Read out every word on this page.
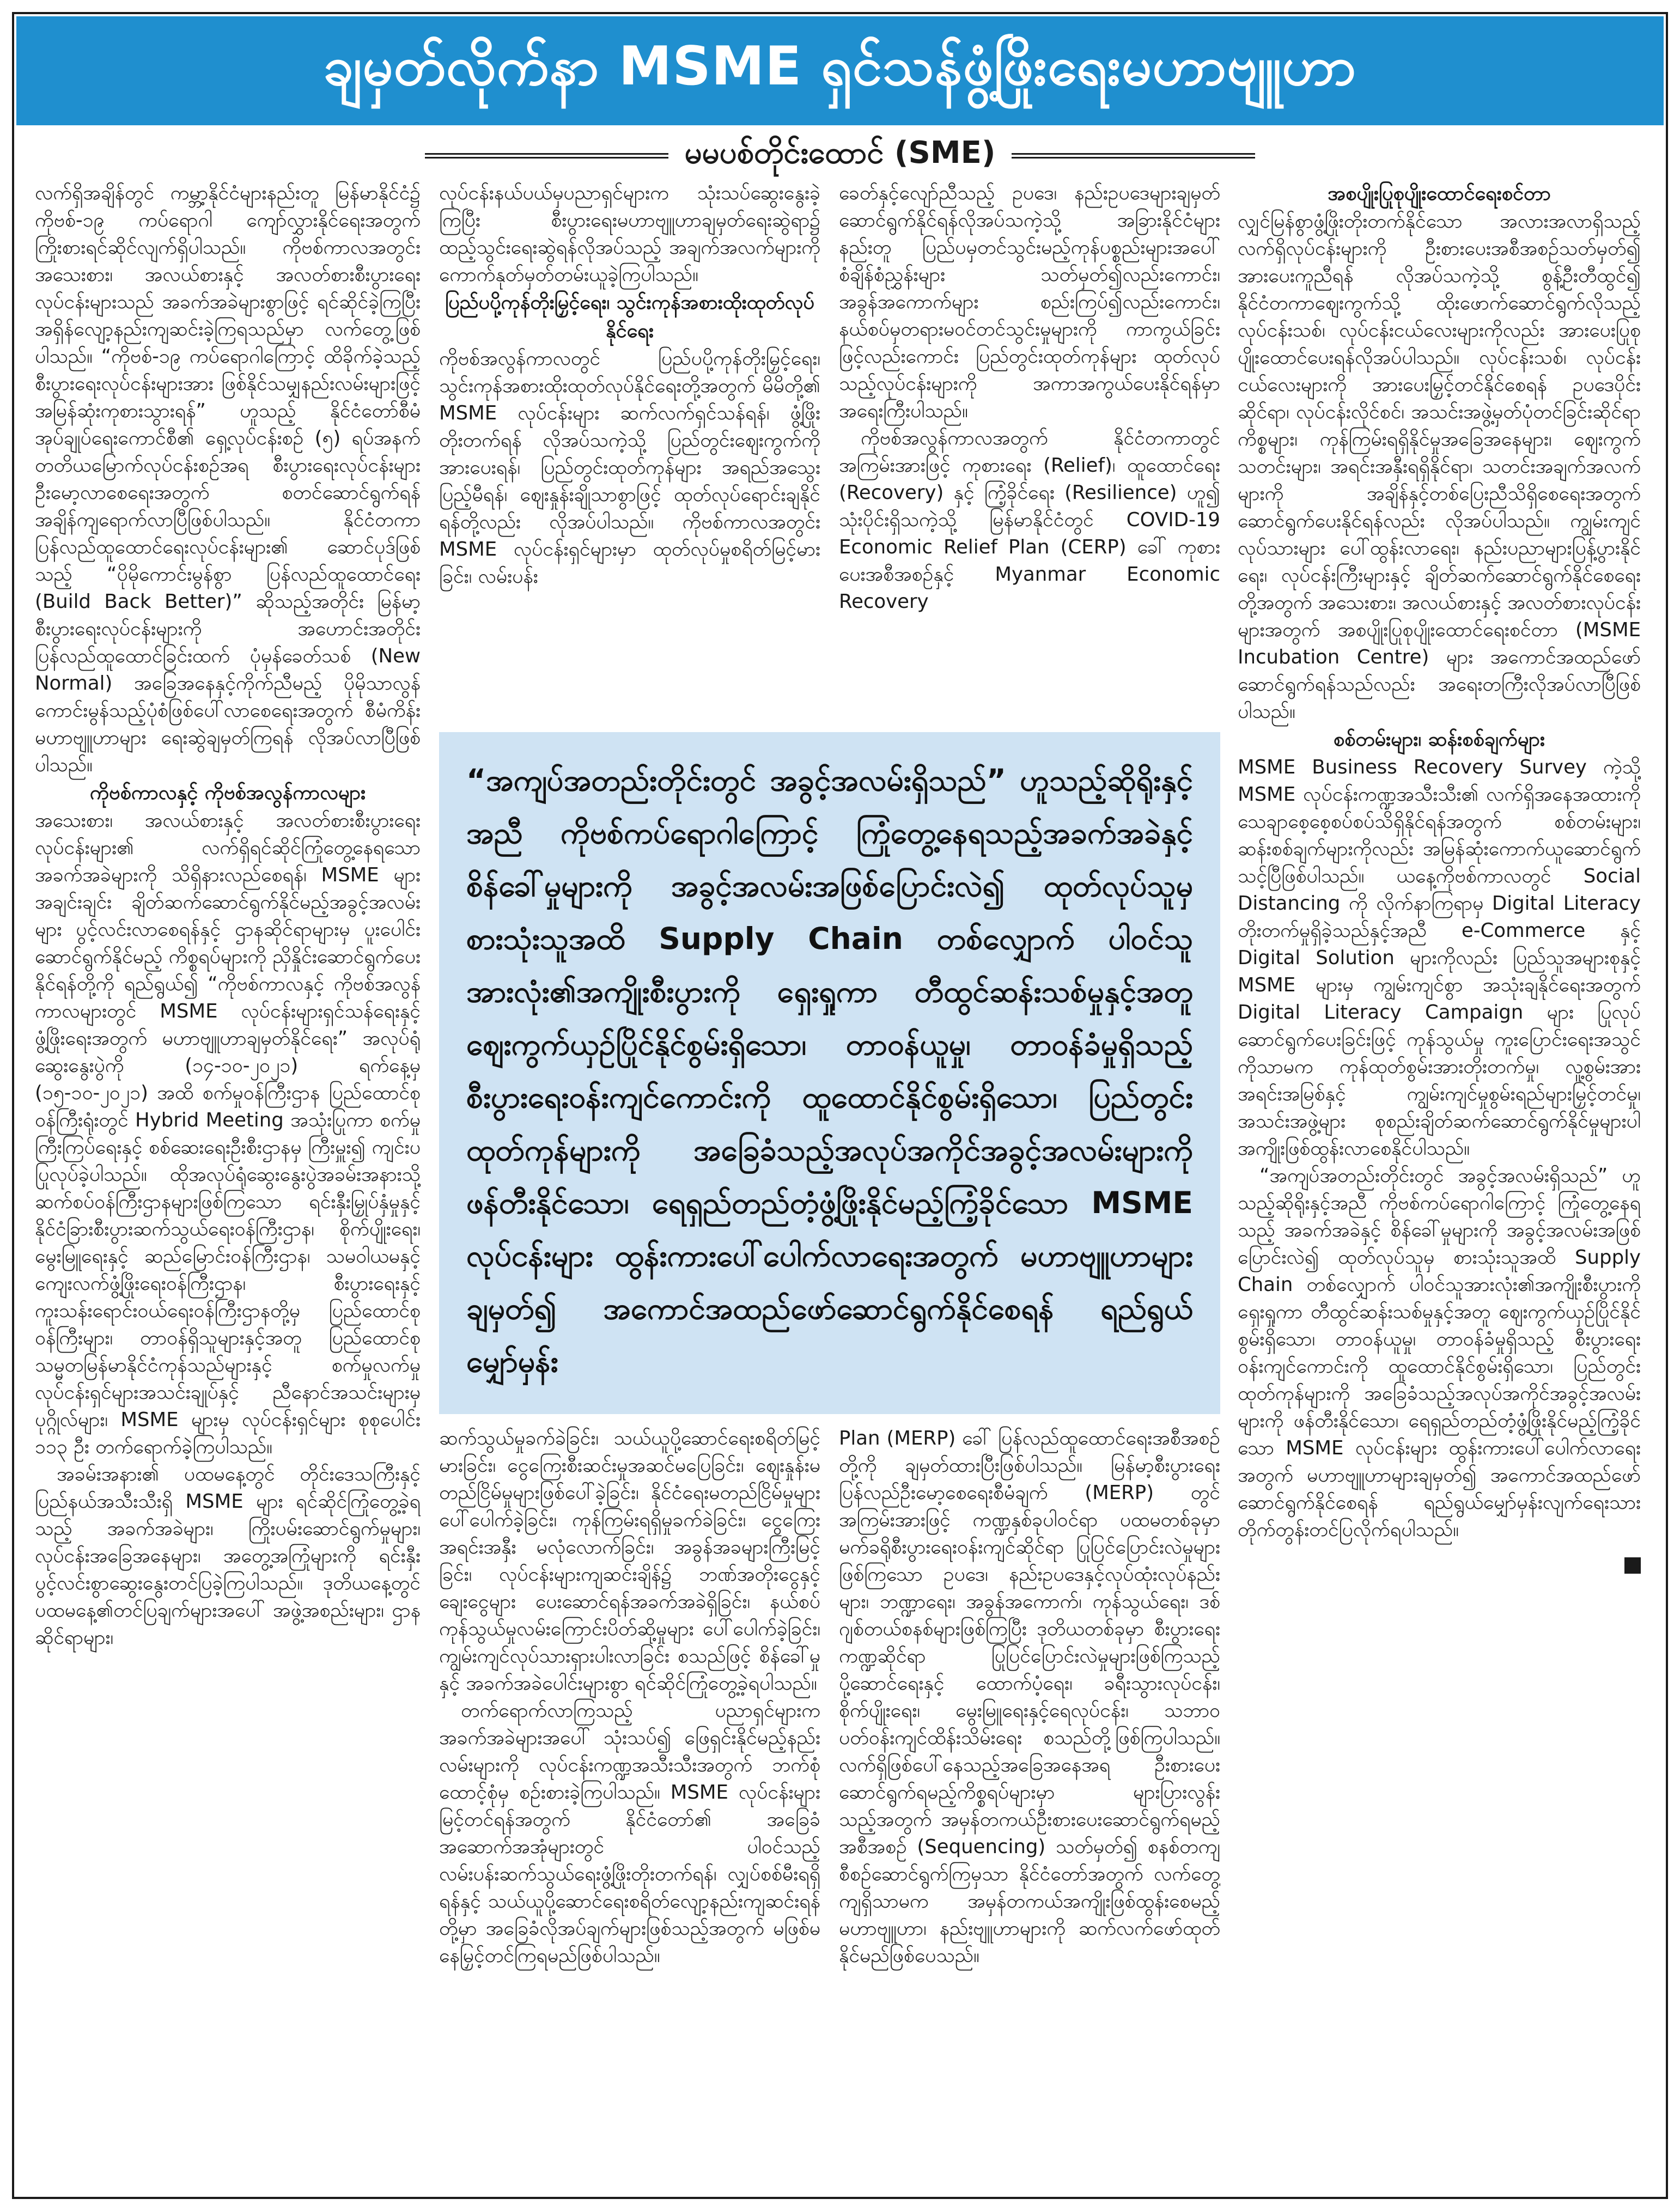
ချမှတ်လိုက်နာ MSME ရှင်သန်ဖွံ့ဖြိုးရေးမဟာဗျူဟာ
မမပစ်တိုင်းထောင် (SME)

လက်ရှိအချိန်တွင် ကမ္ဘာ့နိုင်ငံများနည်းတူ မြန်မာနိုင်ငံ၌ ကိုဗစ်-၁၉ ကပ်ရောဂါ ကျော်လွှားနိုင်ရေးအတွက် ကြိုးစားရင်ဆိုင်လျက်ရှိပါသည်။ ကိုဗစ်ကာလအတွင်း အသေးစား၊ အလယ်စားနှင့် အလတ်စားစီးပွားရေးလုပ်ငန်းများသည် အခက်အခဲများစွာဖြင့် ရင်ဆိုင်ခဲ့ကြပြီး အရှိန်လျော့နည်းကျဆင်းခဲ့ကြရသည်မှာ လက်တွေ့ဖြစ်ပါသည်။ “ကိုဗစ်-၁၉ ကပ်ရောဂါကြောင့် ထိခိုက်ခဲ့သည့်စီးပွားရေးလုပ်ငန်းများအား ဖြစ်နိုင်သမျှနည်းလမ်းများဖြင့် အမြန်ဆုံးကုစားသွားရန်” ဟူသည့် နိုင်ငံတော်စီမံအုပ်ချုပ်ရေးကောင်စီ၏ ရှေ့လုပ်ငန်းစဉ် (၅) ရပ်အနက် တတိယမြောက်လုပ်ငန်းစဉ်အရ စီးပွားရေးလုပ်ငန်းများ ဦးမော့လာစေရေးအတွက် စတင်ဆောင်ရွက်ရန် အချိန်ကျရောက်လာပြီဖြစ်ပါသည်။ နိုင်ငံတကာပြန်လည်ထူထောင်ရေးလုပ်ငန်းများ၏ ဆောင်ပုဒ်ဖြစ်သည့် “ပိုမိုကောင်းမွန်စွာ ပြန်လည်ထူထောင်ရေး (Build Back Better)” ဆိုသည့်အတိုင်း မြန်မာ့စီးပွားရေးလုပ်ငန်းများကို အဟောင်းအတိုင်း ပြန်လည်ထူထောင်ခြင်းထက် ပုံမှန်ခေတ်သစ် (New Normal) အခြေအနေနှင့်ကိုက်ညီမည့် ပိုမိုသာလွန်ကောင်းမွန်သည့်ပုံစံဖြစ်ပေါ်လာစေရေးအတွက် စီမံကိန်းမဟာဗျူဟာများ ရေးဆွဲချမှတ်ကြရန် လိုအပ်လာပြီဖြစ်ပါသည်။

ကိုဗစ်ကာလနှင့် ကိုဗစ်အလွန်ကာလများ

အသေးစား၊ အလယ်စားနှင့် အလတ်စားစီးပွားရေးလုပ်ငန်းများ၏ လက်ရှိရင်ဆိုင်ကြုံတွေ့နေရသောအခက်အခဲများကို သိရှိနားလည်စေရန်၊ MSME များအချင်းချင်း ချိတ်ဆက်ဆောင်ရွက်နိုင်မည့်အခွင့်အလမ်းများ ပွင့်လင်းလာစေရန်နှင့် ဌာနဆိုင်ရာများမှ ပူးပေါင်းဆောင်ရွက်နိုင်မည့် ကိစ္စရပ်များကို ညှိနှိုင်းဆောင်ရွက်ပေးနိုင်ရန်တို့ကို ရည်ရွယ်၍ “ကိုဗစ်ကာလနှင့် ကိုဗစ်အလွန်ကာလများတွင် MSME လုပ်ငန်းများရှင်သန်ရေးနှင့် ဖွံ့ဖြိုးရေးအတွက် မဟာဗျူဟာချမှတ်နိုင်ရေး” အလုပ်ရုံဆွေးနွေးပွဲကို (၁၄-၁၀-၂၀၂၁) ရက်နေ့မှ (၁၅-၁၀-၂၀၂၁) အထိ စက်မှုဝန်ကြီးဌာန ပြည်ထောင်စုဝန်ကြီးရုံးတွင် Hybrid Meeting အသုံးပြုကာ စက်မှုကြီးကြပ်ရေးနှင့် စစ်ဆေးရေးဦးစီးဌာနမှ ကြီးမှူး၍ ကျင်းပပြုလုပ်ခဲ့ပါသည်။ ထိုအလုပ်ရုံဆွေးနွေးပွဲအခမ်းအနားသို့ ဆက်စပ်ဝန်ကြီးဌာနများဖြစ်ကြသော ရင်းနှီးမြှုပ်နှံမှုနှင့် နိုင်ငံခြားစီးပွားဆက်သွယ်ရေးဝန်ကြီးဌာန၊ စိုက်ပျိုးရေး၊ မွေးမြူရေးနှင့် ဆည်မြောင်းဝန်ကြီးဌာန၊ သမဝါယမနှင့် ကျေးလက်ဖွံ့ဖြိုးရေးဝန်ကြီးဌာန၊ စီးပွားရေးနှင့် ကူးသန်းရောင်းဝယ်ရေးဝန်ကြီးဌာနတို့မှ ပြည်ထောင်စုဝန်ကြီးများ၊ တာဝန်ရှိသူများနှင့်အတူ ပြည်ထောင်စုသမ္မတမြန်မာနိုင်ငံကုန်သည်များနှင့် စက်မှုလက်မှုလုပ်ငန်းရှင်များအသင်းချုပ်နှင့် ညီနောင်အသင်းများမှ ပုဂ္ဂိုလ်များ၊ MSME များမှ လုပ်ငန်းရှင်များ စုစုပေါင်း ၁၁၃ ဦး တက်ရောက်ခဲ့ကြပါသည်။

အခမ်းအနား၏ ပထမနေ့တွင် တိုင်းဒေသကြီးနှင့် ပြည်နယ်အသီးသီးရှိ MSME များ ရင်ဆိုင်ကြုံတွေ့ခဲ့ရသည့် အခက်အခဲများ၊ ကြိုးပမ်းဆောင်ရွက်မှုများ၊ လုပ်ငန်းအခြေအနေများ၊ အတွေ့အကြုံများကို ရင်းနှီးပွင့်လင်းစွာဆွေးနွေးတင်ပြခဲ့ကြပါသည်။ ဒုတိယနေ့တွင် ပထမနေ့၏တင်ပြချက်များအပေါ် အဖွဲ့အစည်းများ၊ ဌာနဆိုင်ရာများ၊

လုပ်ငန်းနယ်ပယ်မှပညာရှင်များက သုံးသပ်ဆွေးနွေးခဲ့ကြပြီး စီးပွားရေးမဟာဗျူဟာချမှတ်ရေးဆွဲရာ၌ ထည့်သွင်းရေးဆွဲရန်လိုအပ်သည့် အချက်အလက်များကို ကောက်နုတ်မှတ်တမ်းယူခဲ့ကြပါသည်။

ပြည်ပပို့ကုန်တိုးမြှင့်ရေး၊ သွင်းကုန်အစားထိုးထုတ်လုပ်နိုင်ရေး

ကိုဗစ်အလွန်ကာလတွင် ပြည်ပပို့ကုန်တိုးမြှင့်ရေး၊ သွင်းကုန်အစားထိုးထုတ်လုပ်နိုင်ရေးတို့အတွက် မိမိတို့၏ MSME လုပ်ငန်းများ ဆက်လက်ရှင်သန်ရန်၊ ဖွံ့ဖြိုးတိုးတက်ရန် လိုအပ်သကဲ့သို့ ပြည်တွင်းဈေးကွက်ကို အားပေးရန်၊ ပြည်တွင်းထုတ်ကုန်များ အရည်အသွေးပြည့်မီရန်၊ ဈေးနှုန်းချိုသာစွာဖြင့် ထုတ်လုပ်ရောင်းချနိုင်ရန်တို့လည်း လိုအပ်ပါသည်။ ကိုဗစ်ကာလအတွင်း MSME လုပ်ငန်းရှင်များမှာ ထုတ်လုပ်မှုစရိတ်မြင့်မားခြင်း၊ လမ်းပန်း

ခေတ်နှင့်လျော်ညီသည့် ဥပဒေ၊ နည်းဥပဒေများချမှတ်ဆောင်ရွက်နိုင်ရန်လိုအပ်သကဲ့သို့ အခြားနိုင်ငံများနည်းတူ ပြည်ပမှတင်သွင်းမည့်ကုန်ပစ္စည်းများအပေါ် စံချိန်စံညွှန်းများ သတ်မှတ်၍လည်းကောင်း၊ အခွန်အကောက်များ စည်းကြပ်၍လည်းကောင်း၊ နယ်စပ်မှတရားမဝင်တင်သွင်းမှုများကို ကာကွယ်ခြင်းဖြင့်လည်းကောင်း ပြည်တွင်းထုတ်ကုန်များ ထုတ်လုပ်သည့်လုပ်ငန်းများကို အကာအကွယ်ပေးနိုင်ရန်မှာ အရေးကြီးပါသည်။

ကိုဗစ်အလွန်ကာလအတွက် နိုင်ငံတကာတွင် အကြမ်းအားဖြင့် ကုစားရေး (Relief)၊ ထူထောင်ရေး (Recovery) နှင့် ကြံ့ခိုင်ရေး (Resilience) ဟူ၍ သုံးပိုင်းရှိသကဲ့သို့ မြန်မာနိုင်ငံတွင် COVID-19 Economic Relief Plan (CERP) ခေါ် ကုစားပေးအစီအစဉ်နှင့် Myanmar Economic Recovery

“အကျပ်အတည်းတိုင်းတွင် အခွင့်အလမ်းရှိသည်” ဟူသည့်ဆိုရိုးနှင့်အညီ ကိုဗစ်ကပ်ရောဂါကြောင့် ကြုံတွေ့နေရသည့်အခက်အခဲနှင့် စိန်ခေါ်မှုများကို အခွင့်အလမ်းအဖြစ်ပြောင်းလဲ၍ ထုတ်လုပ်သူမှ စားသုံးသူအထိ Supply Chain တစ်လျှောက် ပါဝင်သူအားလုံး၏အကျိုးစီးပွားကို ရှေးရှုကာ တီထွင်ဆန်းသစ်မှုနှင့်အတူ ဈေးကွက်ယှဉ်ပြိုင်နိုင်စွမ်းရှိသော၊ တာဝန်ယူမှု၊ တာဝန်ခံမှုရှိသည့် စီးပွားရေးဝန်းကျင်ကောင်းကို ထူထောင်နိုင်စွမ်းရှိသော၊ ပြည်တွင်းထုတ်ကုန်များကို အခြေခံသည့်အလုပ်အကိုင်အခွင့်အလမ်းများကို ဖန်တီးနိုင်သော၊ ရေရှည်တည်တံ့ဖွံ့ဖြိုးနိုင်မည့်ကြံ့ခိုင်သော MSME လုပ်ငန်းများ ထွန်းကားပေါ်ပေါက်လာရေးအတွက် မဟာဗျူဟာများချမှတ်၍ အကောင်အထည်ဖော်ဆောင်ရွက်နိုင်စေရန် ရည်ရွယ်မျှော်မှန်း

ဆက်သွယ်မှုခက်ခဲခြင်း၊ သယ်ယူပို့ဆောင်ရေးစရိတ်မြင့်မားခြင်း၊ ငွေကြေးစီးဆင်းမှုအဆင်မပြေခြင်း၊ ဈေးနှုန်းမတည်ငြိမ်မှုများဖြစ်ပေါ်ခဲ့ခြင်း၊ နိုင်ငံရေးမတည်ငြိမ်မှုများပေါ်ပေါက်ခဲ့ခြင်း၊ ကုန်ကြမ်းရရှိမှုခက်ခဲခြင်း၊ ငွေကြေးအရင်းအနှီး မလုံလောက်ခြင်း၊ အခွန်အခများကြီးမြင့်ခြင်း၊ လုပ်ငန်းများကျဆင်းချိန်၌ ဘဏ်အတိုးငွေနှင့် ချေးငွေများ ပေးဆောင်ရန်အခက်အခဲရှိခြင်း၊ နယ်စပ်ကုန်သွယ်မှုလမ်းကြောင်းပိတ်ဆို့မှုများ ပေါ်ပေါက်ခဲ့ခြင်း၊ ကျွမ်းကျင်လုပ်သားရှားပါးလာခြင်း စသည်ဖြင့် စိန်ခေါ်မှုနှင့် အခက်အခဲပေါင်းများစွာ ရင်ဆိုင်ကြုံတွေ့ခဲ့ရပါသည်။

တက်ရောက်လာကြသည့် ပညာရှင်များက အခက်အခဲများအပေါ် သုံးသပ်၍ ဖြေရှင်းနိုင်မည့်နည်းလမ်းများကို လုပ်ငန်းကဏ္ဍအသီးသီးအတွက် ဘက်စုံထောင့်စုံမှ စဉ်းစားခဲ့ကြပါသည်။ MSME လုပ်ငန်းများ မြင့်တင်ရန်အတွက် နိုင်ငံတော်၏ အခြေခံအဆောက်အအုံများတွင် ပါဝင်သည့် လမ်းပန်းဆက်သွယ်ရေးဖွံ့ဖြိုးတိုးတက်ရန်၊ လျှပ်စစ်မီးရရှိရန်နှင့် သယ်ယူပို့ဆောင်ရေးစရိတ်လျော့နည်းကျဆင်းရန်တို့မှာ အခြေခံလိုအပ်ချက်များဖြစ်သည့်အတွက် မဖြစ်မနေမြှင့်တင်ကြရမည်ဖြစ်ပါသည်။

Plan (MERP) ခေါ် ပြန်လည်ထူထောင်ရေးအစီအစဉ်တို့ကို ချမှတ်ထားပြီးဖြစ်ပါသည်။ မြန်မာ့စီးပွားရေး ပြန်လည်ဦးမော့စေရေးစီမံချက် (MERP) တွင် အကြမ်းအားဖြင့် ကဏ္ဍနှစ်ခုပါဝင်ရာ ပထမတစ်ခုမှာ မက်ခရိုစီးပွားရေးဝန်းကျင်ဆိုင်ရာ ပြုပြင်ပြောင်းလဲမှုများဖြစ်ကြသော ဥပဒေ၊ နည်းဥပဒေနှင့်လုပ်ထုံးလုပ်နည်းများ၊ ဘဏ္ဍာရေး၊ အခွန်အကောက်၊ ကုန်သွယ်ရေး၊ ဒစ်ဂျစ်တယ်စနစ်များဖြစ်ကြပြီး ဒုတိယတစ်ခုမှာ စီးပွားရေးကဏ္ဍဆိုင်ရာ ပြုပြင်ပြောင်းလဲမှုများဖြစ်ကြသည့် ပို့ဆောင်ရေးနှင့် ထောက်ပံ့ရေး၊ ခရီးသွားလုပ်ငန်း၊ စိုက်ပျိုးရေး၊ မွေးမြူရေးနှင့်ရေလုပ်ငန်း၊ သဘာဝပတ်ဝန်းကျင်ထိန်းသိမ်းရေး စသည်တို့ဖြစ်ကြပါသည်။ လက်ရှိဖြစ်ပေါ်နေသည့်အခြေအနေအရ ဦးစားပေးဆောင်ရွက်ရမည့်ကိစ္စရပ်များမှာ များပြားလွန်းသည့်အတွက် အမှန်တကယ်ဦးစားပေးဆောင်ရွက်ရမည့်အစီအစဉ် (Sequencing) သတ်မှတ်၍ စနစ်တကျစီစဉ်ဆောင်ရွက်ကြမှသာ နိုင်ငံတော်အတွက် လက်တွေ့ကျရှိသာမက အမှန်တကယ်အကျိုးဖြစ်ထွန်းစေမည့် မဟာဗျူဟာ၊ နည်းဗျူဟာများကို ဆက်လက်ဖော်ထုတ်နိုင်မည်ဖြစ်ပေသည်။

အစပျိုးပြုစုပျိုးထောင်ရေးစင်တာ

လျှင်မြန်စွာဖွံ့ဖြိုးတိုးတက်နိုင်သော အလားအလာရှိသည့် လက်ရှိလုပ်ငန်းများကို ဦးစားပေးအစီအစဉ်သတ်မှတ်၍ အားပေးကူညီရန် လိုအပ်သကဲ့သို့ စွန့်ဦးတီထွင်၍ နိုင်ငံတကာဈေးကွက်သို့ ထိုးဖောက်ဆောင်ရွက်လိုသည့် လုပ်ငန်းသစ်၊ လုပ်ငန်းငယ်လေးများကိုလည်း အားပေးပြုစုပျိုးထောင်ပေးရန်လိုအပ်ပါသည်။ လုပ်ငန်းသစ်၊ လုပ်ငန်းငယ်လေးများကို အားပေးမြှင့်တင်နိုင်စေရန် ဥပဒေပိုင်းဆိုင်ရာ၊ လုပ်ငန်းလိုင်စင်၊ အသင်းအဖွဲ့မှတ်ပုံတင်ခြင်းဆိုင်ရာကိစ္စများ၊ ကုန်ကြမ်းရရှိနိုင်မှုအခြေအနေများ၊ ဈေးကွက်သတင်းများ၊ အရင်းအနှီးရရှိနိုင်ရာ၊ သတင်းအချက်အလက်များကို အချိန်နှင့်တစ်ပြေးညီသိရှိစေရေးအတွက် ဆောင်ရွက်ပေးနိုင်ရန်လည်း လိုအပ်ပါသည်။ ကျွမ်းကျင်လုပ်သားများ ပေါ်ထွန်းလာရေး၊ နည်းပညာများပြန့်ပွားနိုင်ရေး၊ လုပ်ငန်းကြီးများနှင့် ချိတ်ဆက်ဆောင်ရွက်နိုင်စေရေးတို့အတွက် အသေးစား၊ အလယ်စားနှင့် အလတ်စားလုပ်ငန်းများအတွက် အစပျိုးပြုစုပျိုးထောင်ရေးစင်တာ (MSME Incubation Centre) များ အကောင်အထည်ဖော်ဆောင်ရွက်ရန်သည်လည်း အရေးတကြီးလိုအပ်လာပြီဖြစ်ပါသည်။

စစ်တမ်းများ၊ ဆန်းစစ်ချက်များ

MSME Business Recovery Survey ကဲ့သို့ MSME လုပ်ငန်းကဏ္ဍအသီးသီး၏ လက်ရှိအနေအထားကို သေချာစေ့စေ့စပ်စပ်သိရှိနိုင်ရန်အတွက် စစ်တမ်းများ၊ ဆန်းစစ်ချက်များကိုလည်း အမြန်ဆုံးကောက်ယူဆောင်ရွက်သင့်ပြီဖြစ်ပါသည်။ ယနေ့ကိုဗစ်ကာလတွင် Social Distancing ကို လိုက်နာကြရာမှ Digital Literacy တိုးတက်မှုရှိခဲ့သည်နှင့်အညီ e-Commerce နှင့် Digital Solution များကိုလည်း ပြည်သူအများစုနှင့် MSME များမှ ကျွမ်းကျင်စွာ အသုံးချနိုင်ရေးအတွက် Digital Literacy Campaign များ ပြုလုပ်ဆောင်ရွက်ပေးခြင်းဖြင့် ကုန်သွယ်မှု ကူးပြောင်းရေးအသွင်ကိုသာမက ကုန်ထုတ်စွမ်းအားတိုးတက်မှု၊ လူ့စွမ်းအားအရင်းအမြစ်နှင့် ကျွမ်းကျင်မှုစွမ်းရည်များမြှင့်တင်မှု၊ အသင်းအဖွဲ့များ စုစည်းချိတ်ဆက်ဆောင်ရွက်နိုင်မှုများပါ အကျိုးဖြစ်ထွန်းလာစေနိုင်ပါသည်။

“အကျပ်အတည်းတိုင်းတွင် အခွင့်အလမ်းရှိသည်” ဟူသည့်ဆိုရိုးနှင့်အညီ ကိုဗစ်ကပ်ရောဂါကြောင့် ကြုံတွေ့နေရသည့် အခက်အခဲနှင့် စိန်ခေါ်မှုများကို အခွင့်အလမ်းအဖြစ်ပြောင်းလဲ၍ ထုတ်လုပ်သူမှ စားသုံးသူအထိ Supply Chain တစ်လျှောက် ပါဝင်သူအားလုံး၏အကျိုးစီးပွားကို ရှေးရှုကာ တီထွင်ဆန်းသစ်မှုနှင့်အတူ ဈေးကွက်ယှဉ်ပြိုင်နိုင်စွမ်းရှိသော၊ တာဝန်ယူမှု၊ တာဝန်ခံမှုရှိသည့် စီးပွားရေးဝန်းကျင်ကောင်းကို ထူထောင်နိုင်စွမ်းရှိသော၊ ပြည်တွင်းထုတ်ကုန်များကို အခြေခံသည့်အလုပ်အကိုင်အခွင့်အလမ်းများကို ဖန်တီးနိုင်သော၊ ရေရှည်တည်တံ့ဖွံ့ဖြိုးနိုင်မည့်ကြံ့ခိုင်သော MSME လုပ်ငန်းများ ထွန်းကားပေါ်ပေါက်လာရေးအတွက် မဟာဗျူဟာများချမှတ်၍ အကောင်အထည်ဖော်ဆောင်ရွက်နိုင်စေရန် ရည်ရွယ်မျှော်မှန်းလျက်ရေးသားတိုက်တွန်းတင်ပြလိုက်ရပါသည်။
